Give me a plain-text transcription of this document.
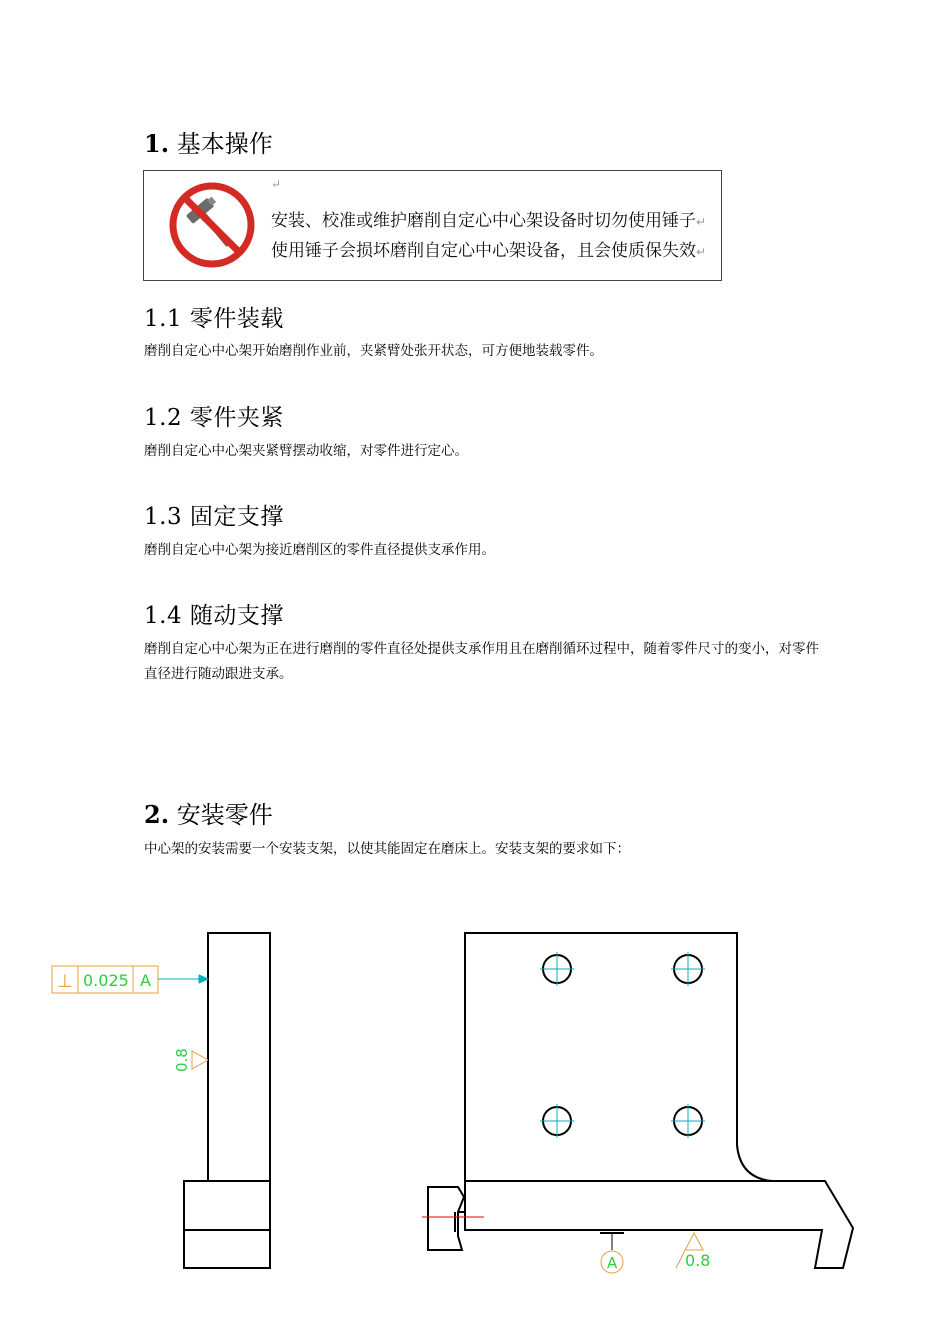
1. 基本操作
↵
安装、校准或维护磨削自定心中心架设备时切勿使用锤子↵
使用锤子会损坏磨削自定心中心架设备，且会使质保失效↵
1.1 零件装载

磨削自定心中心架开始磨削作业前，夹紧臂处张开状态，可方便地装载零件。

1.2 零件夹紧

磨削自定心中心架夹紧臂摆动收缩，对零件进行定心。

1.3 固定支撑

磨削自定心中心架为接近磨削区的零件直径提供支承作用。

1.4 随动支撑

磨削自定心中心架为正在进行磨削的零件直径处提供支承作用且在磨削循环过程中，随着零件尺寸的变小，对零件直径进行随动跟进支承。

2. 安装零件

中心架的安装需要一个安装支架，以使其能固定在磨床上。安装支架的要求如下：

⊥ 0.025 A
0.8
A	0.8
